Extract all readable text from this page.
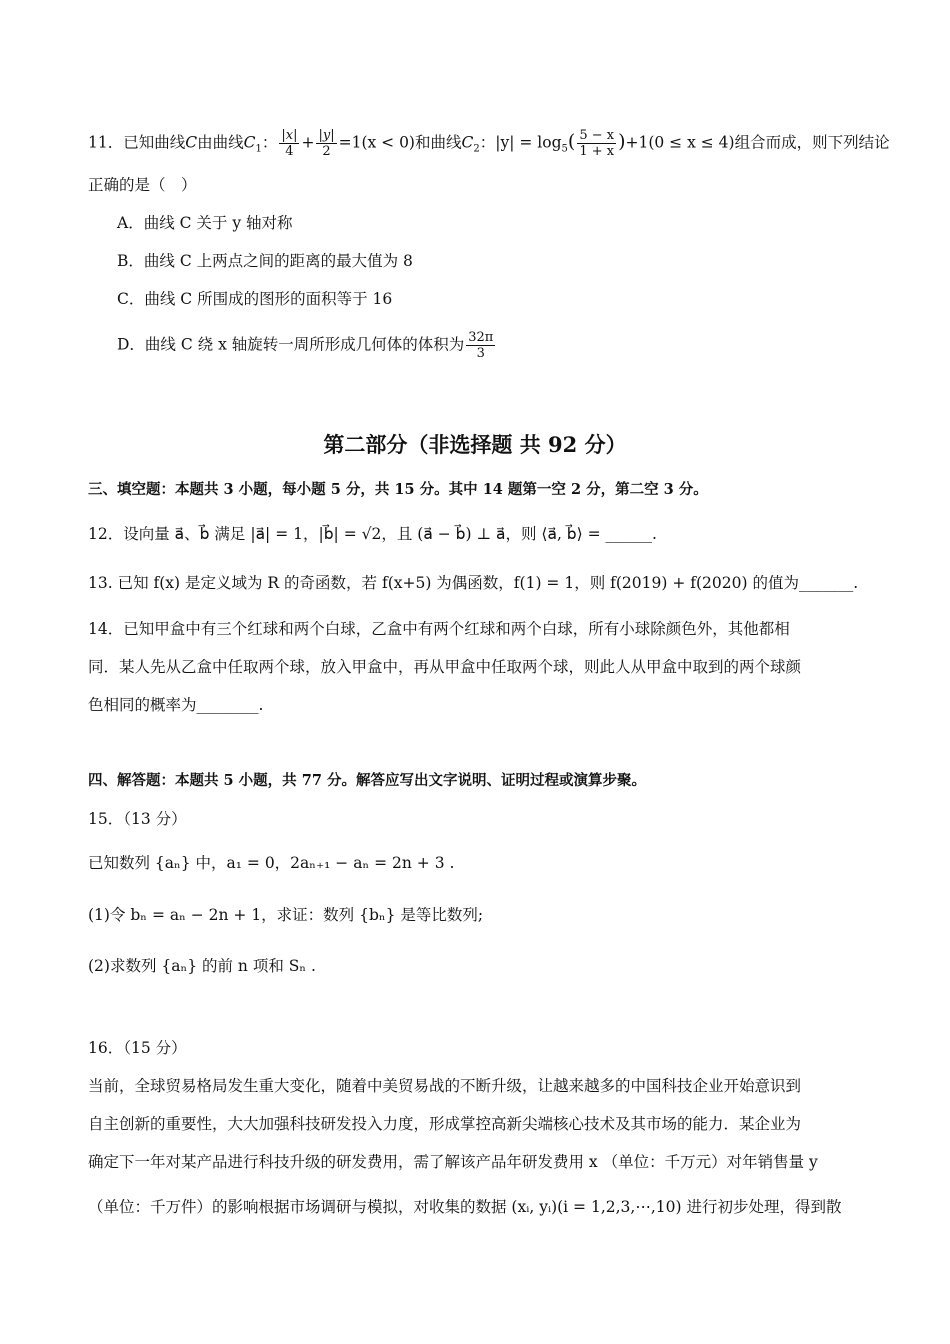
11．已知曲线C由曲线$C_1$： $\frac{|x|}{4} + \frac{|y|}{2} =1(x < 0)$和曲线$C_2$：$|y| = \log_5( \frac{5 - x}{1 + x} )+1(0 \le x \le 4)$组合而成，则下列结论
正确的是（　）
A．曲线 C 关于 y 轴对称
B．曲线 C 上两点之间的距离的最大值为 8
C．曲线 C 所围成的图形的面积等于 16
D．曲线 C 绕 x 轴旋转一周所形成几何体的体积为 $\frac{32\pi}{3}$
第二部分（非选择题 共 92 分）
三、填空题：本题共 3 小题，每小题 5 分，共 15 分。其中 14 题第一空 2 分，第二空 3 分。
12．设向量 a⃗、b⃗ 满足 |a⃗| = 1，|b⃗| = √2，且 (a⃗ − b⃗) ⊥ a⃗，则 ⟨a⃗, b⃗⟩ = ______.
13. 已知 f(x) 是定义域为 R 的奇函数，若 f(x+5) 为偶函数，f(1) = 1，则 f(2019) + f(2020) 的值为_______.
14．已知甲盒中有三个红球和两个白球，乙盒中有两个红球和两个白球，所有小球除颜色外，其他都相
同．某人先从乙盒中任取两个球，放入甲盒中，再从甲盒中任取两个球，则此人从甲盒中取到的两个球颜
色相同的概率为________.
四、解答题：本题共 5 小题，共 77 分。解答应写出文字说明、证明过程或演算步聚。
15．（13 分）
已知数列 {aₙ} 中，a₁ = 0，2aₙ₊₁ − aₙ = 2n + 3 .
(1)令 bₙ = aₙ − 2n + 1，求证：数列 {bₙ} 是等比数列;
(2)求数列 {aₙ} 的前 n 项和 Sₙ .
16．（15 分）
当前，全球贸易格局发生重大变化，随着中美贸易战的不断升级，让越来越多的中国科技企业开始意识到
自主创新的重要性，大大加强科技研发投入力度，形成掌控高新尖端核心技术及其市场的能力．某企业为
确定下一年对某产品进行科技升级的研发费用，需了解该产品年研发费用 x （单位：千万元）对年销售量 y
（单位：千万件）的影响根据市场调研与模拟，对收集的数据 (xᵢ, yᵢ)(i = 1,2,3,⋯,10) 进行初步处理，得到散
